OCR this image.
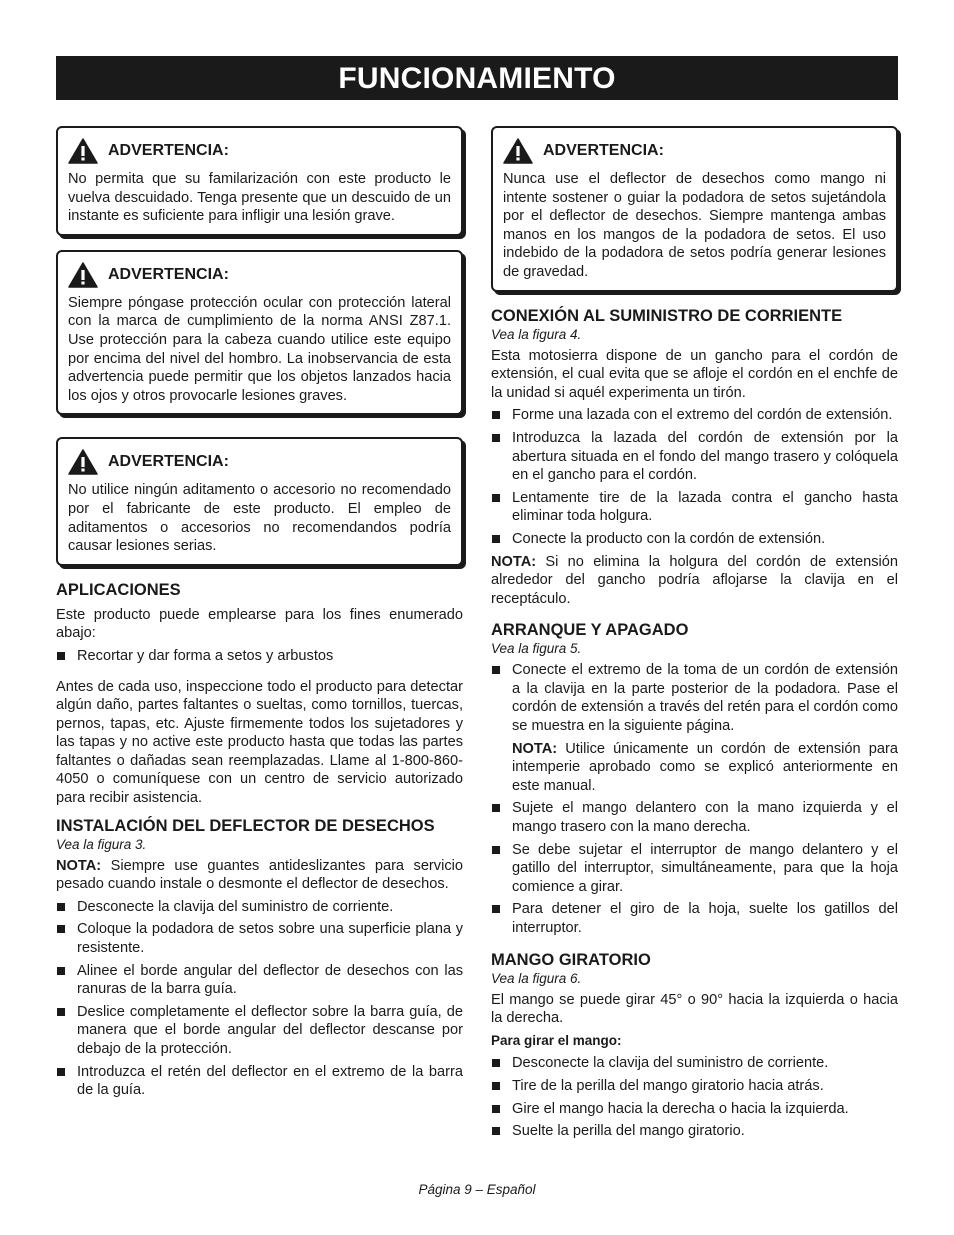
FUNCIONAMIENTO
ADVERTENCIA:

No permita que su familarización con este producto le vuelva descuidado. Tenga presente que un descuido de un instante es suficiente para infligir una lesión grave.

ADVERTENCIA:

Siempre póngase protección ocular con protección lateral con la marca de cumplimiento de la norma ANSI Z87.1. Use protección para la cabeza cuando utilice este equipo por encima del nivel del hombro. La inobservancia de esta advertencia puede permitir que los objetos lanzados hacia los ojos y otros provocarle lesiones graves.

ADVERTENCIA:

No utilice ningún aditamento o accesorio no recomendado por el fabricante de este producto. El empleo de aditamentos o accesorios no recomendandos podría causar lesiones serias.

APLICACIONES

Este producto puede emplearse para los fines enumerado abajo:

Recortar y dar forma a setos y arbustos

Antes de cada uso, inspeccione todo el producto para detectar algún daño, partes faltantes o sueltas, como tornillos, tuercas, pernos, tapas, etc. Ajuste firmemente todos los sujetadores y las tapas y no active este producto hasta que todas las partes faltantes o dañadas sean reemplazadas. Llame al 1-800-860-4050 o comuníquese con un centro de servicio autorizado para recibir asistencia.

INSTALACIÓN DEL DEFLECTOR DE DESECHOS
Vea la figura 3.

NOTA: Siempre use guantes antideslizantes para servicio pesado cuando instale o desmonte el deflector de desechos.

Desconecte la clavija del suministro de corriente.
Coloque la podadora de setos sobre una superficie plana y resistente.
Alinee el borde angular del deflector de desechos con las ranuras de la barra guía.
Deslice completamente el deflector sobre la barra guía, de manera que el borde angular del deflector descanse por debajo de la protección.
Introduzca el retén del deflector en el extremo de la barra de la guía.
ADVERTENCIA:

Nunca use el deflector de desechos como mango ni intente sostener o guiar la podadora de setos sujetándola por el deflector de desechos. Siempre mantenga ambas manos en los mangos de la podadora de setos. El uso indebido de la podadora de setos podría generar lesiones de gravedad.

CONEXIÓN AL SUMINISTRO DE CORRIENTE
Vea la figura 4.

Esta motosierra dispone de un gancho para el cordón de extensión, el cual evita que se afloje el cordón en el enchfe de la unidad si aquél experimenta un tirón.

Forme una lazada con el extremo del cordón de extensión.
Introduzca la lazada del cordón de extensión por la abertura situada en el fondo del mango trasero y colóquela en el gancho para el cordón.
Lentamente tire de la lazada contra el gancho hasta eliminar toda holgura.
Conecte la producto con la cordón de extensión.

NOTA: Si no elimina la holgura del cordón de extensión alrededor del gancho podría aflojarse la clavija en el receptáculo.

ARRANQUE Y APAGADO
Vea la figura 5.
Conecte el extremo de la toma de un cordón de extensión a la clavija en la parte posterior de la podadora. Pase el cordón de extensión a través del retén para el cordón como se muestra en la siguiente página.

NOTA: Utilice únicamente un cordón de extensión para intemperie aprobado como se explicó anteriormente en este manual.

Sujete el mango delantero con la mano izquierda y el mango trasero con la mano derecha.
Se debe sujetar el interruptor de mango delantero y el gatillo del interruptor, simultáneamente, para que la hoja comience a girar.
Para detener el giro de la hoja, suelte los gatillos del interruptor.
MANGO GIRATORIO
Vea la figura 6.

El mango se puede girar 45° o 90° hacia la izquierda o hacia la derecha.

Para girar el mango:

Desconecte la clavija del suministro de corriente.
Tire de la perilla del mango giratorio hacia atrás.
Gire el mango hacia la derecha o hacia la izquierda.
Suelte la perilla del mango giratorio.
Página 9 – Español
